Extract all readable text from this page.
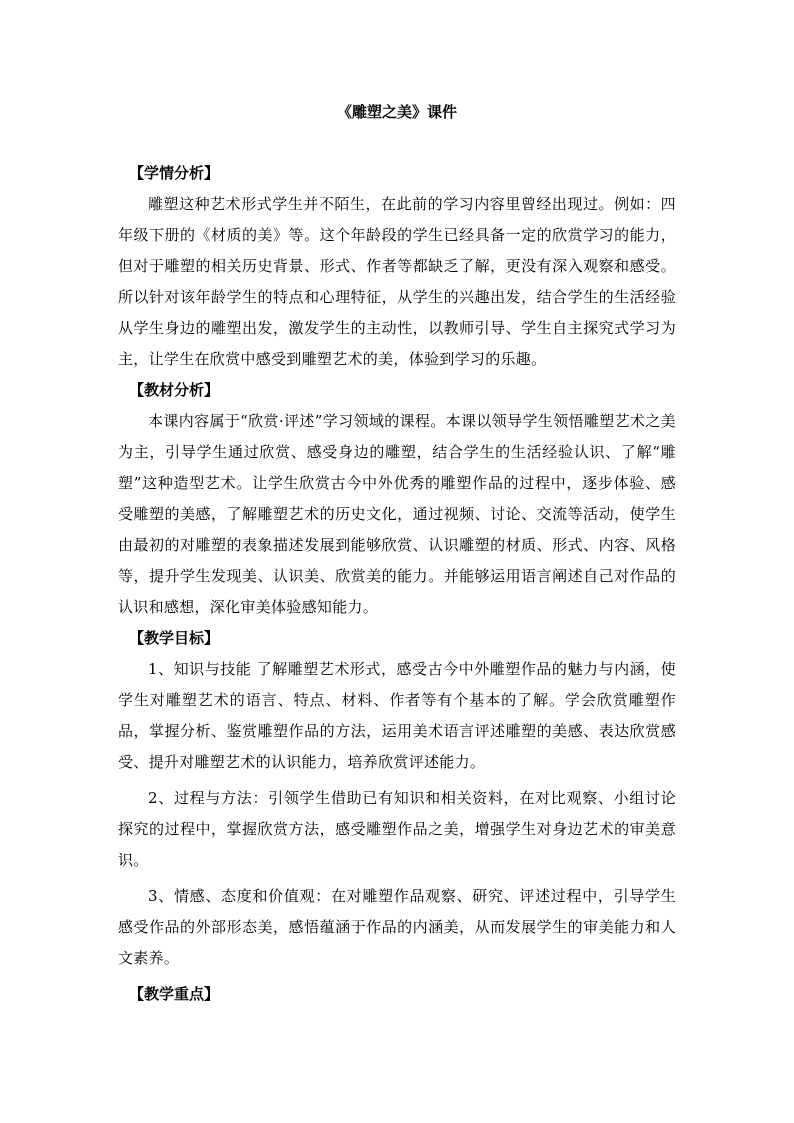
《雕塑之美》课件
【学情分析】

雕塑这种艺术形式学生并不陌生，在此前的学习内容里曾经出现过。例如：四年级下册的《材质的美》等。这个年龄段的学生已经具备一定的欣赏学习的能力，但对于雕塑的相关历史背景、形式、作者等都缺乏了解，更没有深入观察和感受。所以针对该年龄学生的特点和心理特征，从学生的兴趣出发，结合学生的生活经验从学生身边的雕塑出发，激发学生的主动性，以教师引导、学生自主探究式学习为主，让学生在欣赏中感受到雕塑艺术的美，体验到学习的乐趣。

【教材分析】

本课内容属于“欣赏·评述”学习领域的课程。本课以领导学生领悟雕塑艺术之美为主，引导学生通过欣赏、感受身边的雕塑，结合学生的生活经验认识、了解“雕塑”这种造型艺术。让学生欣赏古今中外优秀的雕塑作品的过程中，逐步体验、感受雕塑的美感，了解雕塑艺术的历史文化，通过视频、讨论、交流等活动，使学生由最初的对雕塑的表象描述发展到能够欣赏、认识雕塑的材质、形式、内容、风格等，提升学生发现美、认识美、欣赏美的能力。并能够运用语言阐述自己对作品的认识和感想，深化审美体验感知能力。

【教学目标】

1、知识与技能 了解雕塑艺术形式，感受古今中外雕塑作品的魅力与内涵，使学生对雕塑艺术的语言、特点、材料、作者等有个基本的了解。学会欣赏雕塑作品，掌握分析、鉴赏雕塑作品的方法，运用美术语言评述雕塑的美感、表达欣赏感受、提升对雕塑艺术的认识能力，培养欣赏评述能力。

2、过程与方法：引领学生借助已有知识和相关资料，在对比观察、小组讨论探究的过程中，掌握欣赏方法，感受雕塑作品之美，增强学生对身边艺术的审美意识。

3、情感、态度和价值观：在对雕塑作品观察、研究、评述过程中，引导学生感受作品的外部形态美，感悟蕴涵于作品的内涵美，从而发展学生的审美能力和人文素养。

【教学重点】
